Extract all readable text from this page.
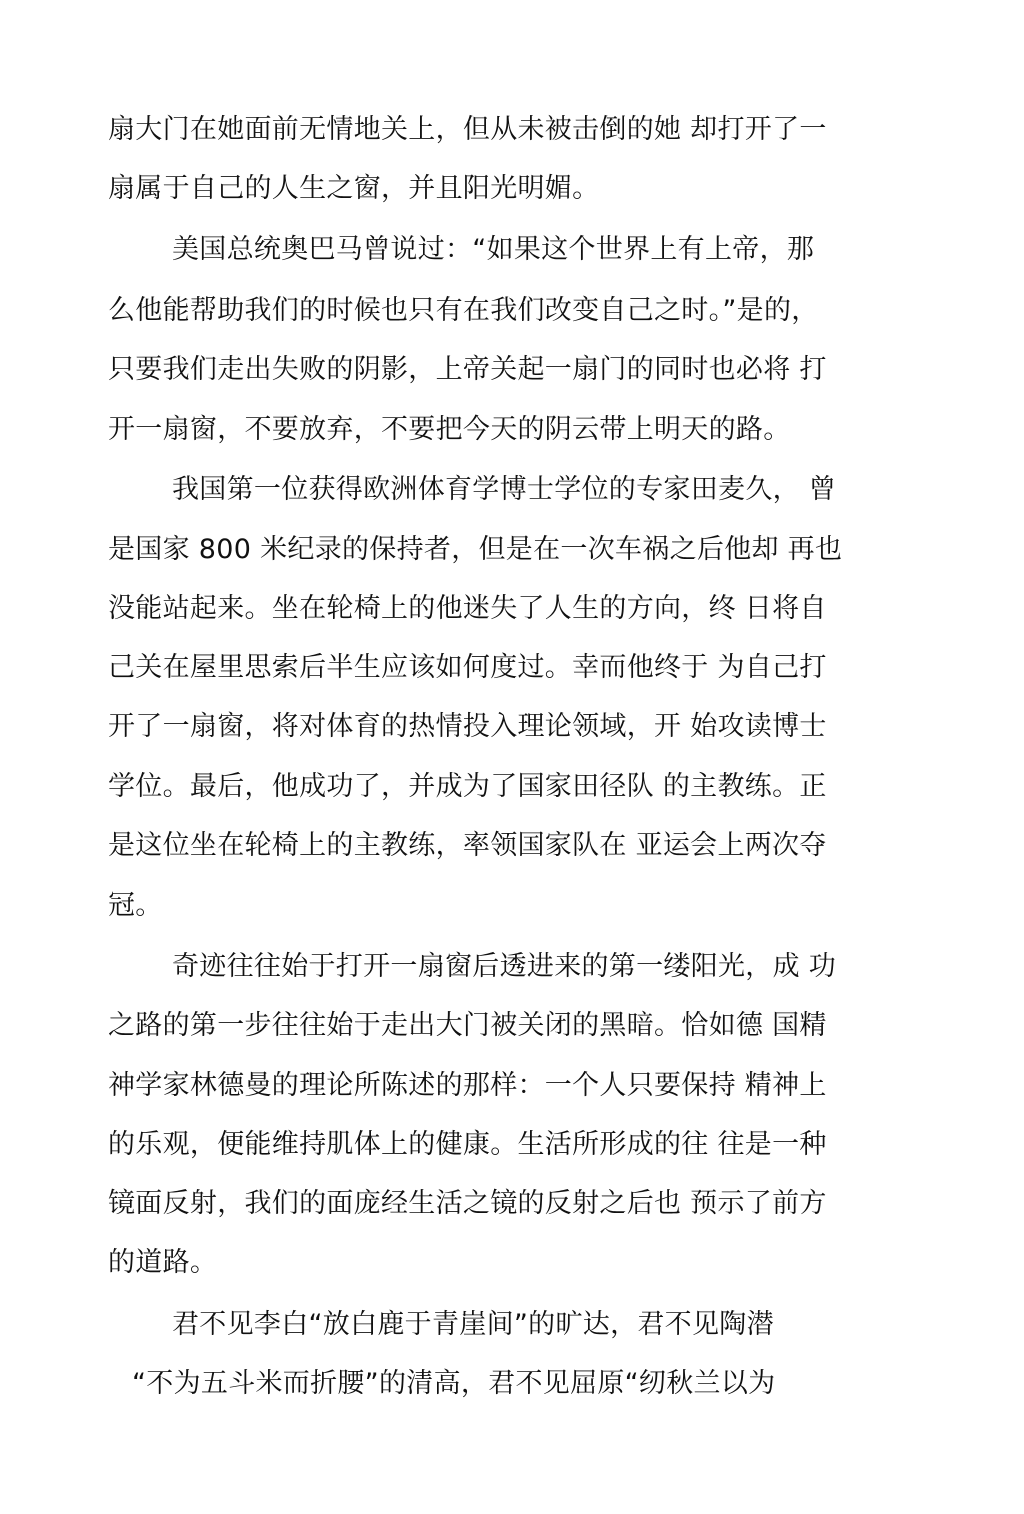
扇大门在她面前无情地关上，但从未被击倒的她 却打开了一
扇属于自己的人生之窗，并且阳光明媚。
美国总统奥巴马曾说过：“如果这个世界上有上帝，那
么他能帮助我们的时候也只有在我们改变自己之时。”是的，
只要我们走出失败的阴影，上帝关起一扇门的同时也必将 打
开一扇窗，不要放弃，不要把今天的阴云带上明天的路。
我国第一位获得欧洲体育学博士学位的专家田麦久， 曾
是国家 800 米纪录的保持者，但是在一次车祸之后他却 再也
没能站起来。坐在轮椅上的他迷失了人生的方向，终 日将自
己关在屋里思索后半生应该如何度过。幸而他终于 为自己打
开了一扇窗，将对体育的热情投入理论领域，开 始攻读博士
学位。最后，他成功了，并成为了国家田径队 的主教练。正
是这位坐在轮椅上的主教练，率领国家队在 亚运会上两次夺
冠。
奇迹往往始于打开一扇窗后透进来的第一缕阳光，成 功
之路的第一步往往始于走出大门被关闭的黑暗。恰如德 国精
神学家林德曼的理论所陈述的那样：一个人只要保持 精神上
的乐观，便能维持肌体上的健康。生活所形成的往 往是一种
镜面反射，我们的面庞经生活之镜的反射之后也 预示了前方
的道路。
君不见李白“放白鹿于青崖间”的旷达，君不见陶潜
“不为五斗米而折腰”的清高，君不见屈原“纫秋兰以为
